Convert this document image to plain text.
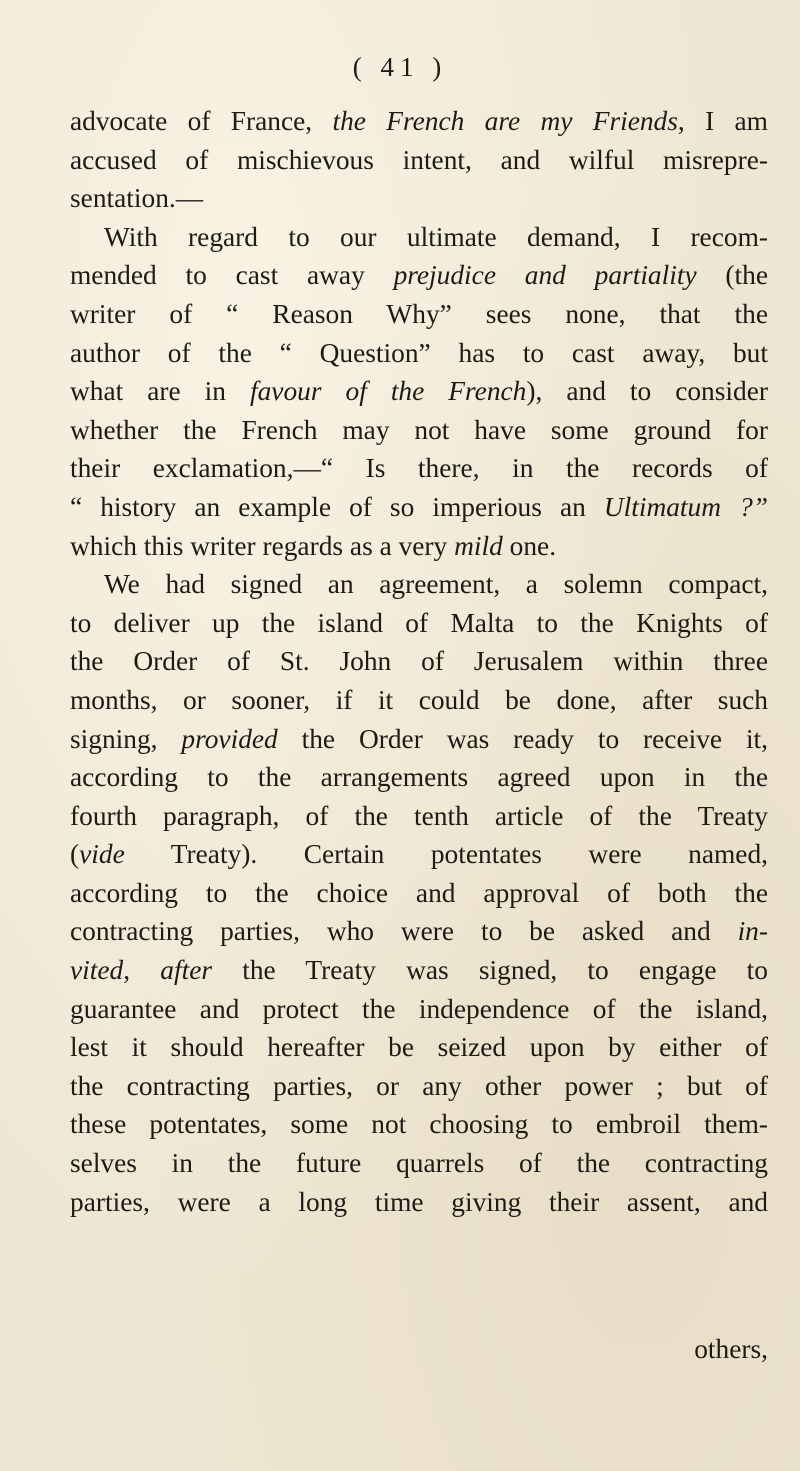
( 41 )
advocate of France, the French are my Friends, I am
accused of mischievous intent, and wilful misrepre-
sentation.—
With regard to our ultimate demand, I recom-
mended to cast away prejudice and partiality (the
writer of “ Reason Why” sees none, that the
author of the “ Question” has to cast away, but
what are in favour of the French), and to consider
whether the French may not have some ground for
their exclamation,—“ Is there, in the records of
“ history an example of so imperious an Ultimatum ?”
which this writer regards as a very mild one.
We had signed an agreement, a solemn compact,
to deliver up the island of Malta to the Knights of
the Order of St. John of Jerusalem within three
months, or sooner, if it could be done, after such
signing, provided the Order was ready to receive it,
according to the arrangements agreed upon in the
fourth paragraph, of the tenth article of the Treaty
(vide Treaty). Certain potentates were named,
according to the choice and approval of both the
contracting parties, who were to be asked and in-
vited, after the Treaty was signed, to engage to
guarantee and protect the independence of the island,
lest it should hereafter be seized upon by either of
the contracting parties, or any other power ; but of
these potentates, some not choosing to embroil them-
selves in the future quarrels of the contracting
parties, were a long time giving their assent, and
others,
